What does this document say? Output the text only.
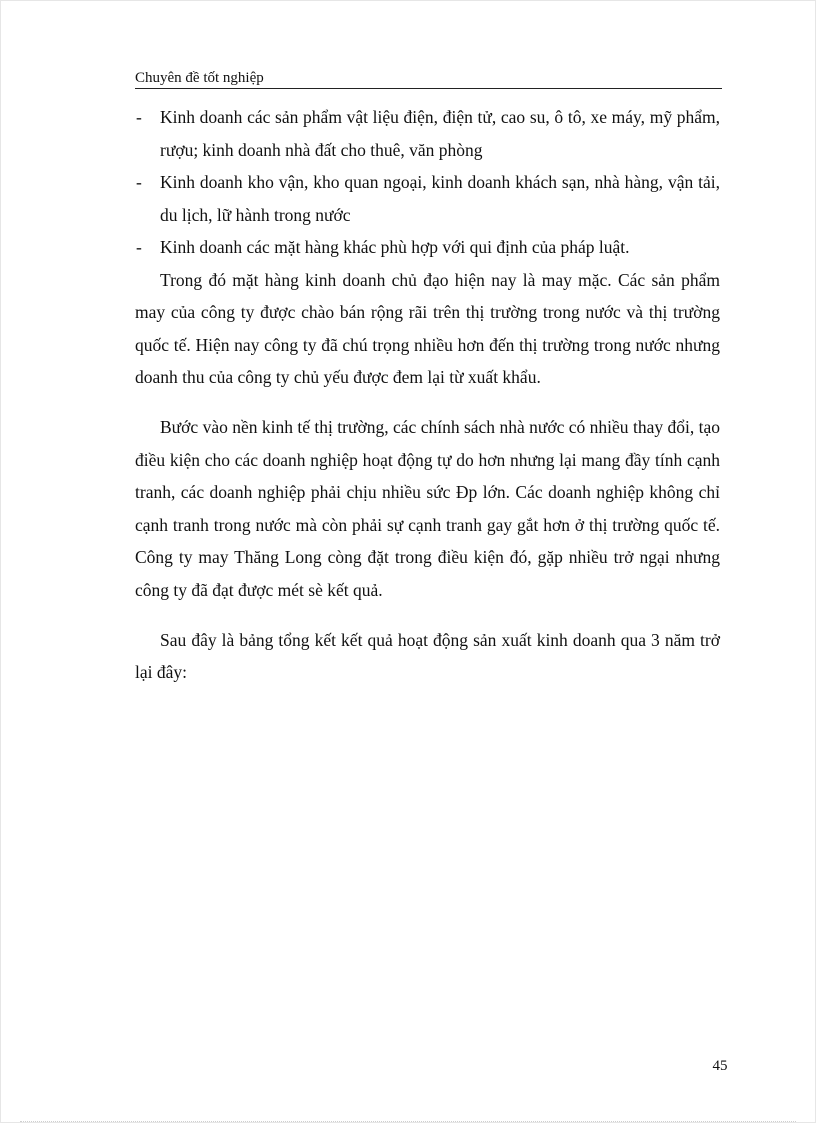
Chuyên đề tốt nghiệp
- Kinh doanh các sản phẩm vật liệu điện, điện tử, cao su, ô tô, xe máy, mỹ phẩm, rượu; kinh doanh nhà đất cho thuê, văn phòng
- Kinh doanh kho vận, kho quan ngoại, kinh doanh khách sạn, nhà hàng, vận tải, du lịch, lữ hành trong nước
- Kinh doanh các mặt hàng khác phù hợp với qui định của pháp luật.

Trong đó mặt hàng kinh doanh chủ đạo hiện nay là may mặc. Các sản phẩm may của công ty được chào bán rộng rãi trên thị trường trong nước và thị trường quốc tế. Hiện nay công ty đã chú trọng nhiều hơn đến thị trường trong nước nhưng doanh thu của công ty chủ yếu được đem lại từ xuất khẩu.

Bước vào nền kinh tế thị trường, các chính sách nhà nước có nhiều thay đổi, tạo điều kiện cho các doanh nghiệp hoạt động tự do hơn nhưng lại mang đầy tính cạnh tranh, các doanh nghiệp phải chịu nhiều sức Đp lớn. Các doanh nghiệp không chỉ cạnh tranh trong nước mà còn phải sự cạnh tranh gay gắt hơn ở thị trường quốc tế. Công ty may Thăng Long còng đặt trong điều kiện đó, gặp nhiều trở ngại nhưng công ty đã đạt được mét sè kết quả.

Sau đây là bảng tổng kết kết quả hoạt động sản xuất kinh doanh qua 3 năm trở lại đây:

45
